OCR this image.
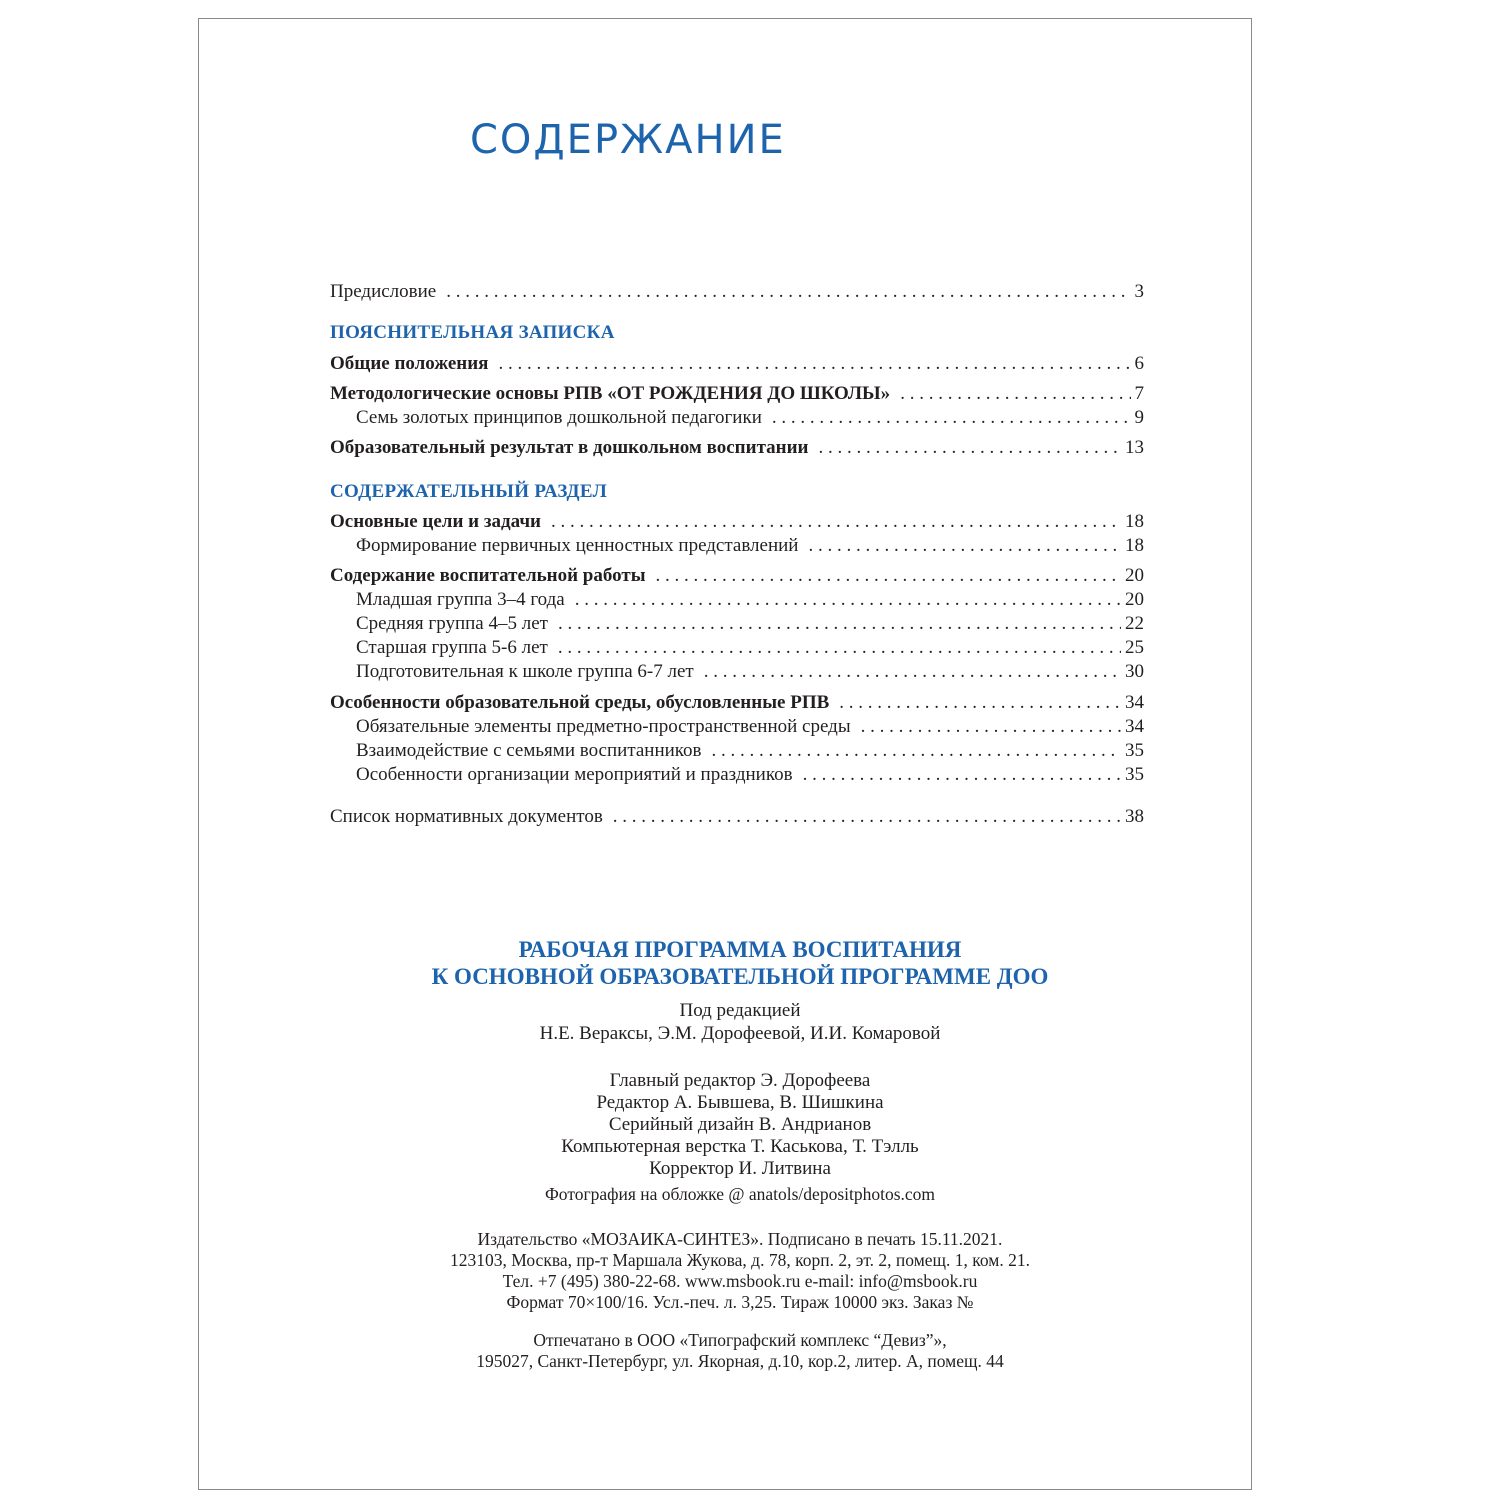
СОДЕРЖАНИЕ
Предисловие . . .	3
ПОЯСНИТЕЛЬНАЯ ЗАПИСКА
Общие положения . . .	6
Методологические основы РПВ «ОТ РОЖДЕНИЯ ДО ШКОЛЫ» . . .	7
Семь золотых принципов дошкольной педагогики . . .	9
Образовательный результат в дошкольном воспитании . . .	13
СОДЕРЖАТЕЛЬНЫЙ РАЗДЕЛ
Основные цели и задачи . . .	18
Формирование первичных ценностных представлений . . .	18
Содержание воспитательной работы . . .	20
Младшая группа 3–4 года . . .	20
Средняя группа 4–5 лет . . .	22
Старшая группа 5-6 лет . . .	25
Подготовительная к школе группа 6-7 лет . . .	30
Особенности образовательной среды, обусловленные РПВ . . .	34
Обязательные элементы предметно-пространственной среды . . .	34
Взаимодействие с семьями воспитанников . . .	35
Особенности организации мероприятий и праздников . . .	35
Список нормативных документов . . .	38
РАБОЧАЯ ПРОГРАММА ВОСПИТАНИЯ
К ОСНОВНОЙ ОБРАЗОВАТЕЛЬНОЙ ПРОГРАММЕ ДОО
Под редакцией
Н.Е. Вераксы, Э.М. Дорофеевой, И.И. Комаровой
Главный редактор Э. Дорофеева
Редактор А. Бывшева, В. Шишкина
Серийный дизайн В. Андрианов
Компьютерная верстка Т. Каськова, Т. Тэлль
Корректор И. Литвина
Фотография на обложке @ anatols/depositphotos.com
Издательство «МОЗАИКА-СИНТЕЗ». Подписано в печать 15.11.2021.
123103, Москва, пр-т Маршала Жукова, д. 78, корп. 2, эт. 2, помещ. 1, ком. 21.
Тел. +7 (495) 380-22-68. www.msbook.ru e-mail: info@msbook.ru
Формат 70×100/16. Усл.-печ. л. 3,25. Тираж 10000 экз. Заказ №
Отпечатано в ООО «Типографский комплекс “Девиз”»,
195027, Санкт-Петербург, ул. Якорная, д.10, кор.2, литер. А, помещ. 44
